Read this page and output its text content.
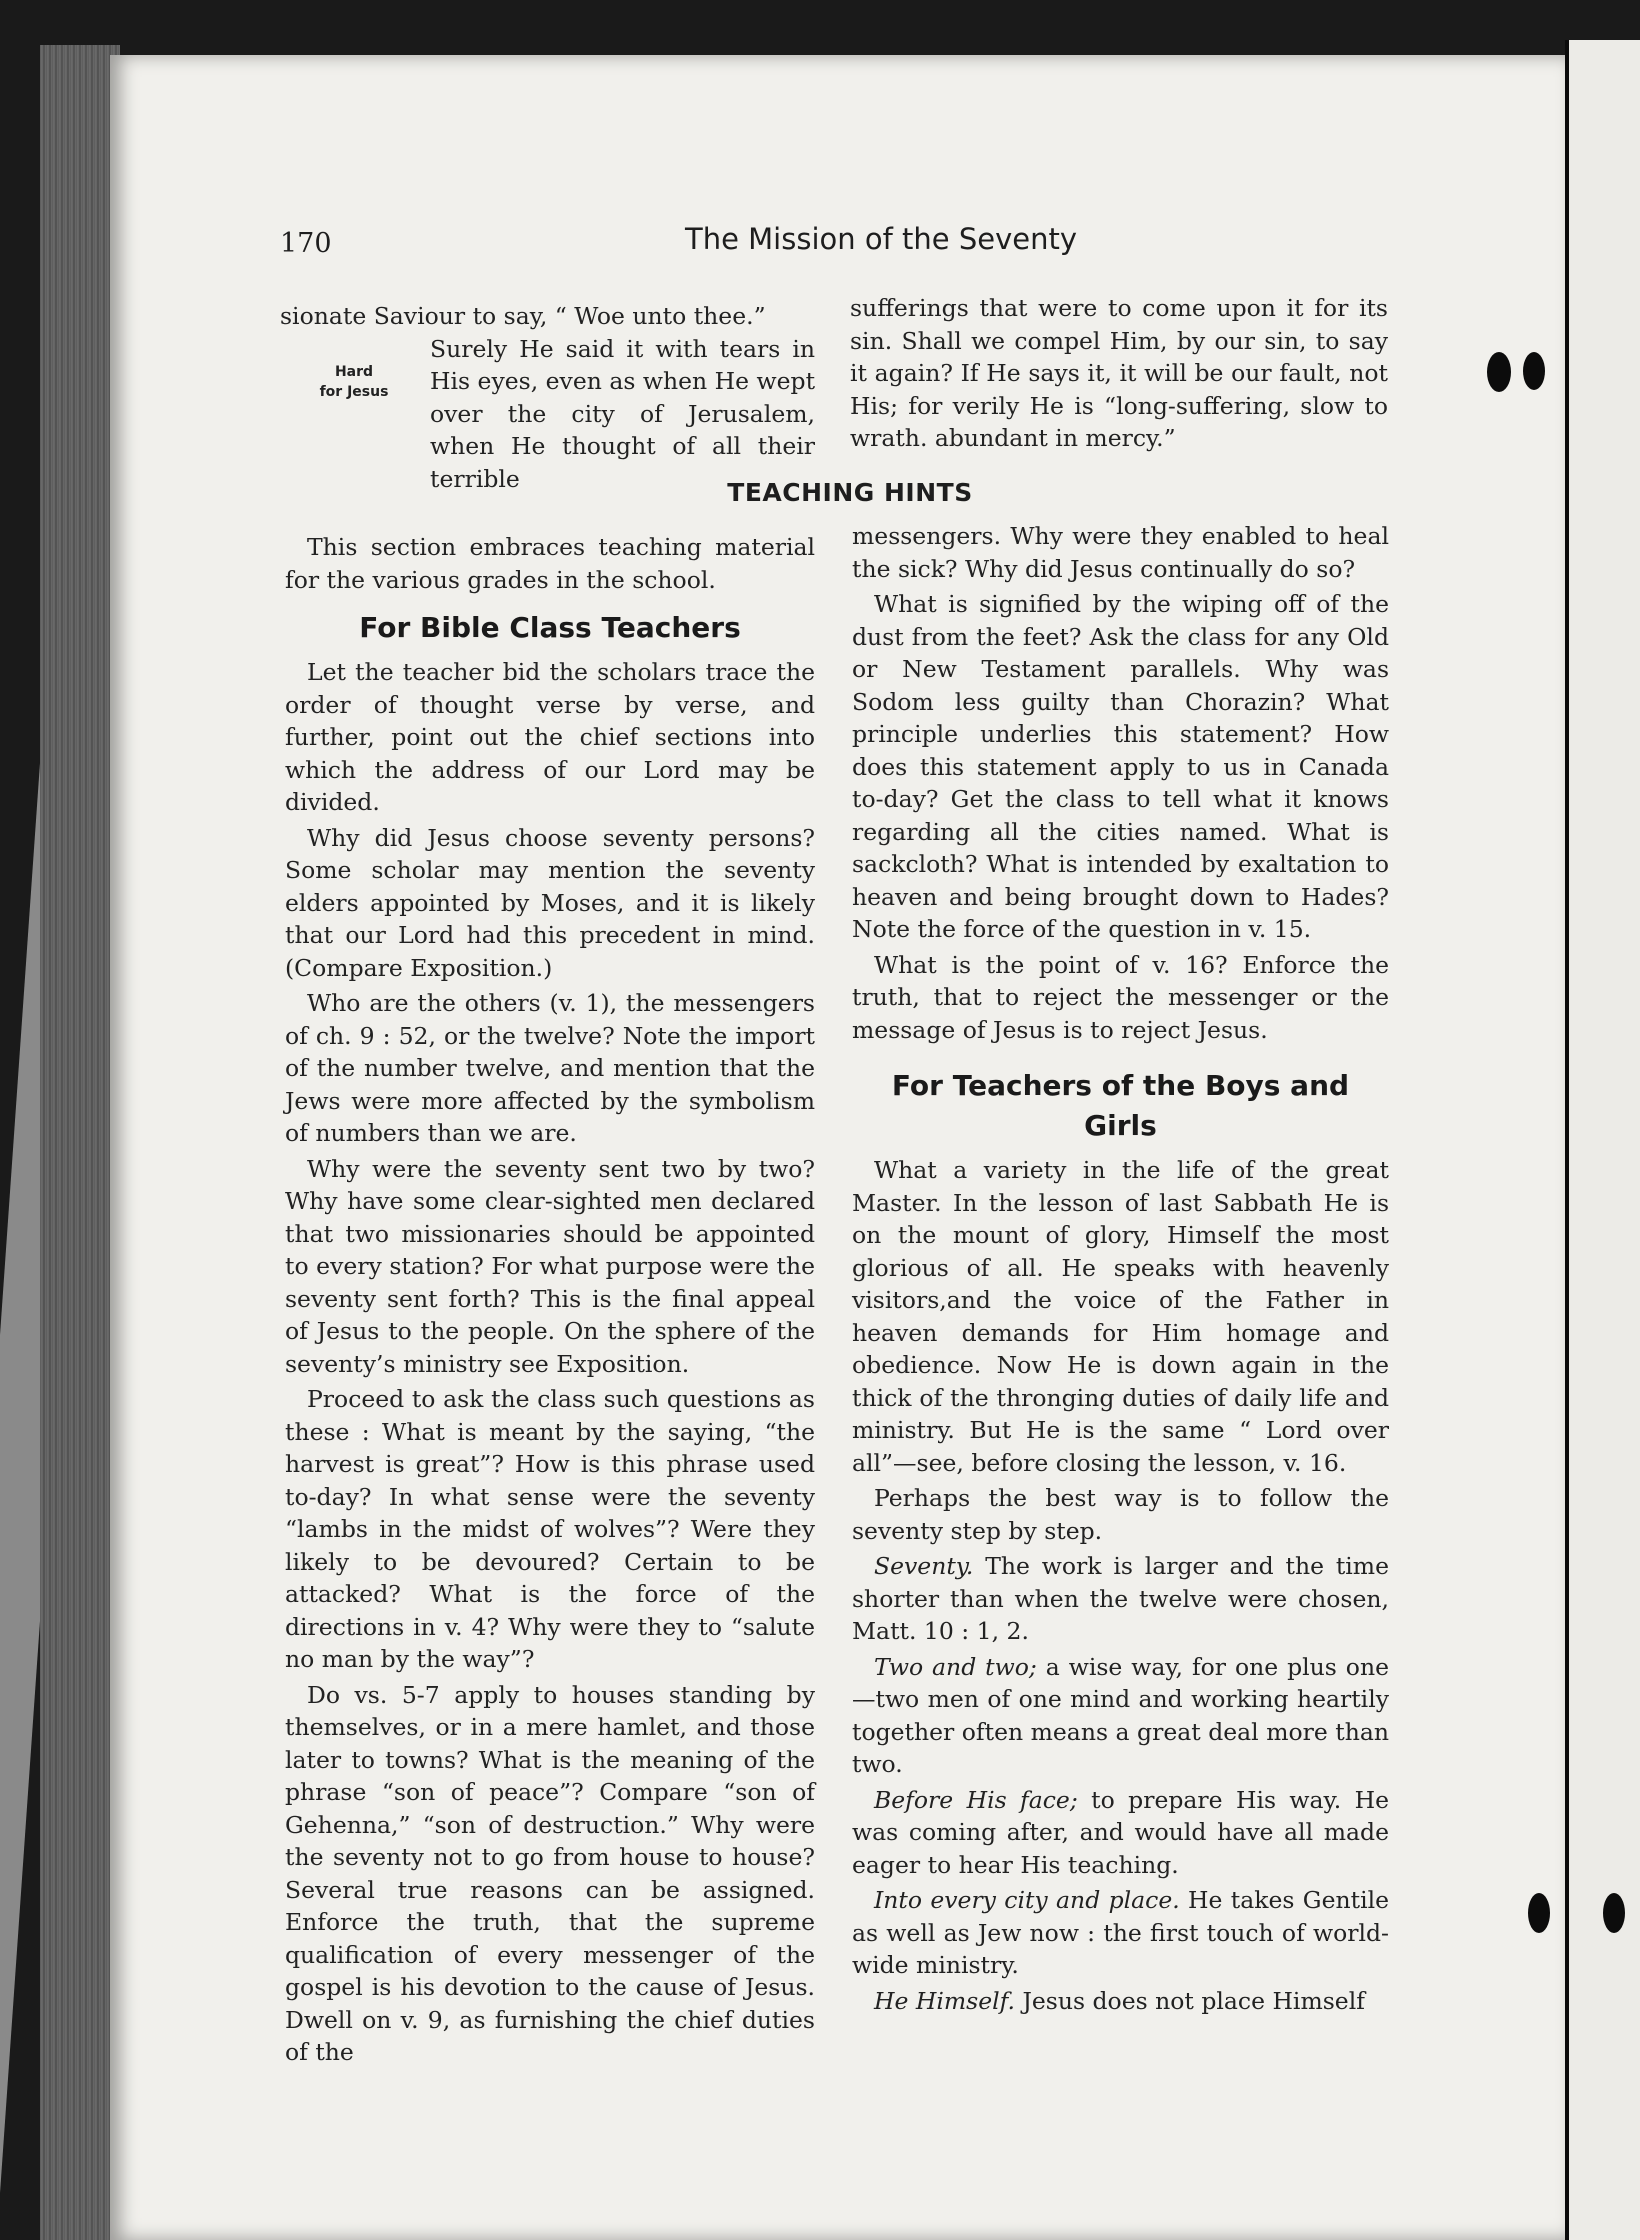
170	The Mission of the Seventy

sionate Saviour to say, “ Woe unto thee.”

Surely He said it with tears in His eyes, even as when He wept over the city of Jerusalem, when He thought of all their terrible

Hard
for Jesus

sufferings that were to come upon it for its sin. Shall we compel Him, by our sin, to say it again? If He says it, it will be our fault, not His; for verily He is “long-suffering, slow to wrath. abundant in mercy.”

TEACHING HINTS

This section embraces teaching material for the various grades in the school.

For Bible Class Teachers

Let the teacher bid the scholars trace the order of thought verse by verse, and further, point out the chief sections into which the address of our Lord may be divided.

Why did Jesus choose seventy persons? Some scholar may mention the seventy elders appointed by Moses, and it is likely that our Lord had this precedent in mind. (Compare Exposition.)

Who are the others (v. 1), the messengers of ch. 9 : 52, or the twelve? Note the import of the number twelve, and mention that the Jews were more affected by the symbolism of numbers than we are.

Why were the seventy sent two by two? Why have some clear-sighted men declared that two missionaries should be appointed to every station? For what purpose were the seventy sent forth? This is the final appeal of Jesus to the people. On the sphere of the seventy’s ministry see Exposition.

Proceed to ask the class such questions as these : What is meant by the saying, “the harvest is great”? How is this phrase used to-day? In what sense were the seventy “lambs in the midst of wolves”? Were they likely to be devoured? Certain to be attacked? What is the force of the directions in v. 4? Why were they to “salute no man by the way”?

Do vs. 5-7 apply to houses standing by themselves, or in a mere hamlet, and those later to towns? What is the meaning of the phrase “son of peace”? Compare “son of Gehenna,” “son of destruction.” Why were the seventy not to go from house to house? Several true reasons can be assigned. Enforce the truth, that the supreme qualification of every messenger of the gospel is his devotion to the cause of Jesus. Dwell on v. 9, as furnishing the chief duties of the

messengers. Why were they enabled to heal the sick? Why did Jesus continually do so?

What is signified by the wiping off of the dust from the feet? Ask the class for any Old or New Testament parallels. Why was Sodom less guilty than Chorazin? What principle underlies this statement? How does this statement apply to us in Canada to-day? Get the class to tell what it knows regarding all the cities named. What is sackcloth? What is intended by exaltation to heaven and being brought down to Hades? Note the force of the question in v. 15.

What is the point of v. 16? Enforce the truth, that to reject the messenger or the message of Jesus is to reject Jesus.

For Teachers of the Boys and Girls

What a variety in the life of the great Master. In the lesson of last Sabbath He is on the mount of glory, Himself the most glorious of all. He speaks with heavenly visitors,and the voice of the Father in heaven demands for Him homage and obedience. Now He is down again in the thick of the thronging duties of daily life and ministry. But He is the same “ Lord over all”—see, before closing the lesson, v. 16.

Perhaps the best way is to follow the seventy step by step.

Seventy. The work is larger and the time shorter than when the twelve were chosen, Matt. 10 : 1, 2.

Two and two; a wise way, for one plus one—two men of one mind and working heartily together often means a great deal more than two.

Before His face; to prepare His way. He was coming after, and would have all made eager to hear His teaching.

Into every city and place. He takes Gentile as well as Jew now : the first touch of world-wide ministry.

He Himself. Jesus does not place Himself
